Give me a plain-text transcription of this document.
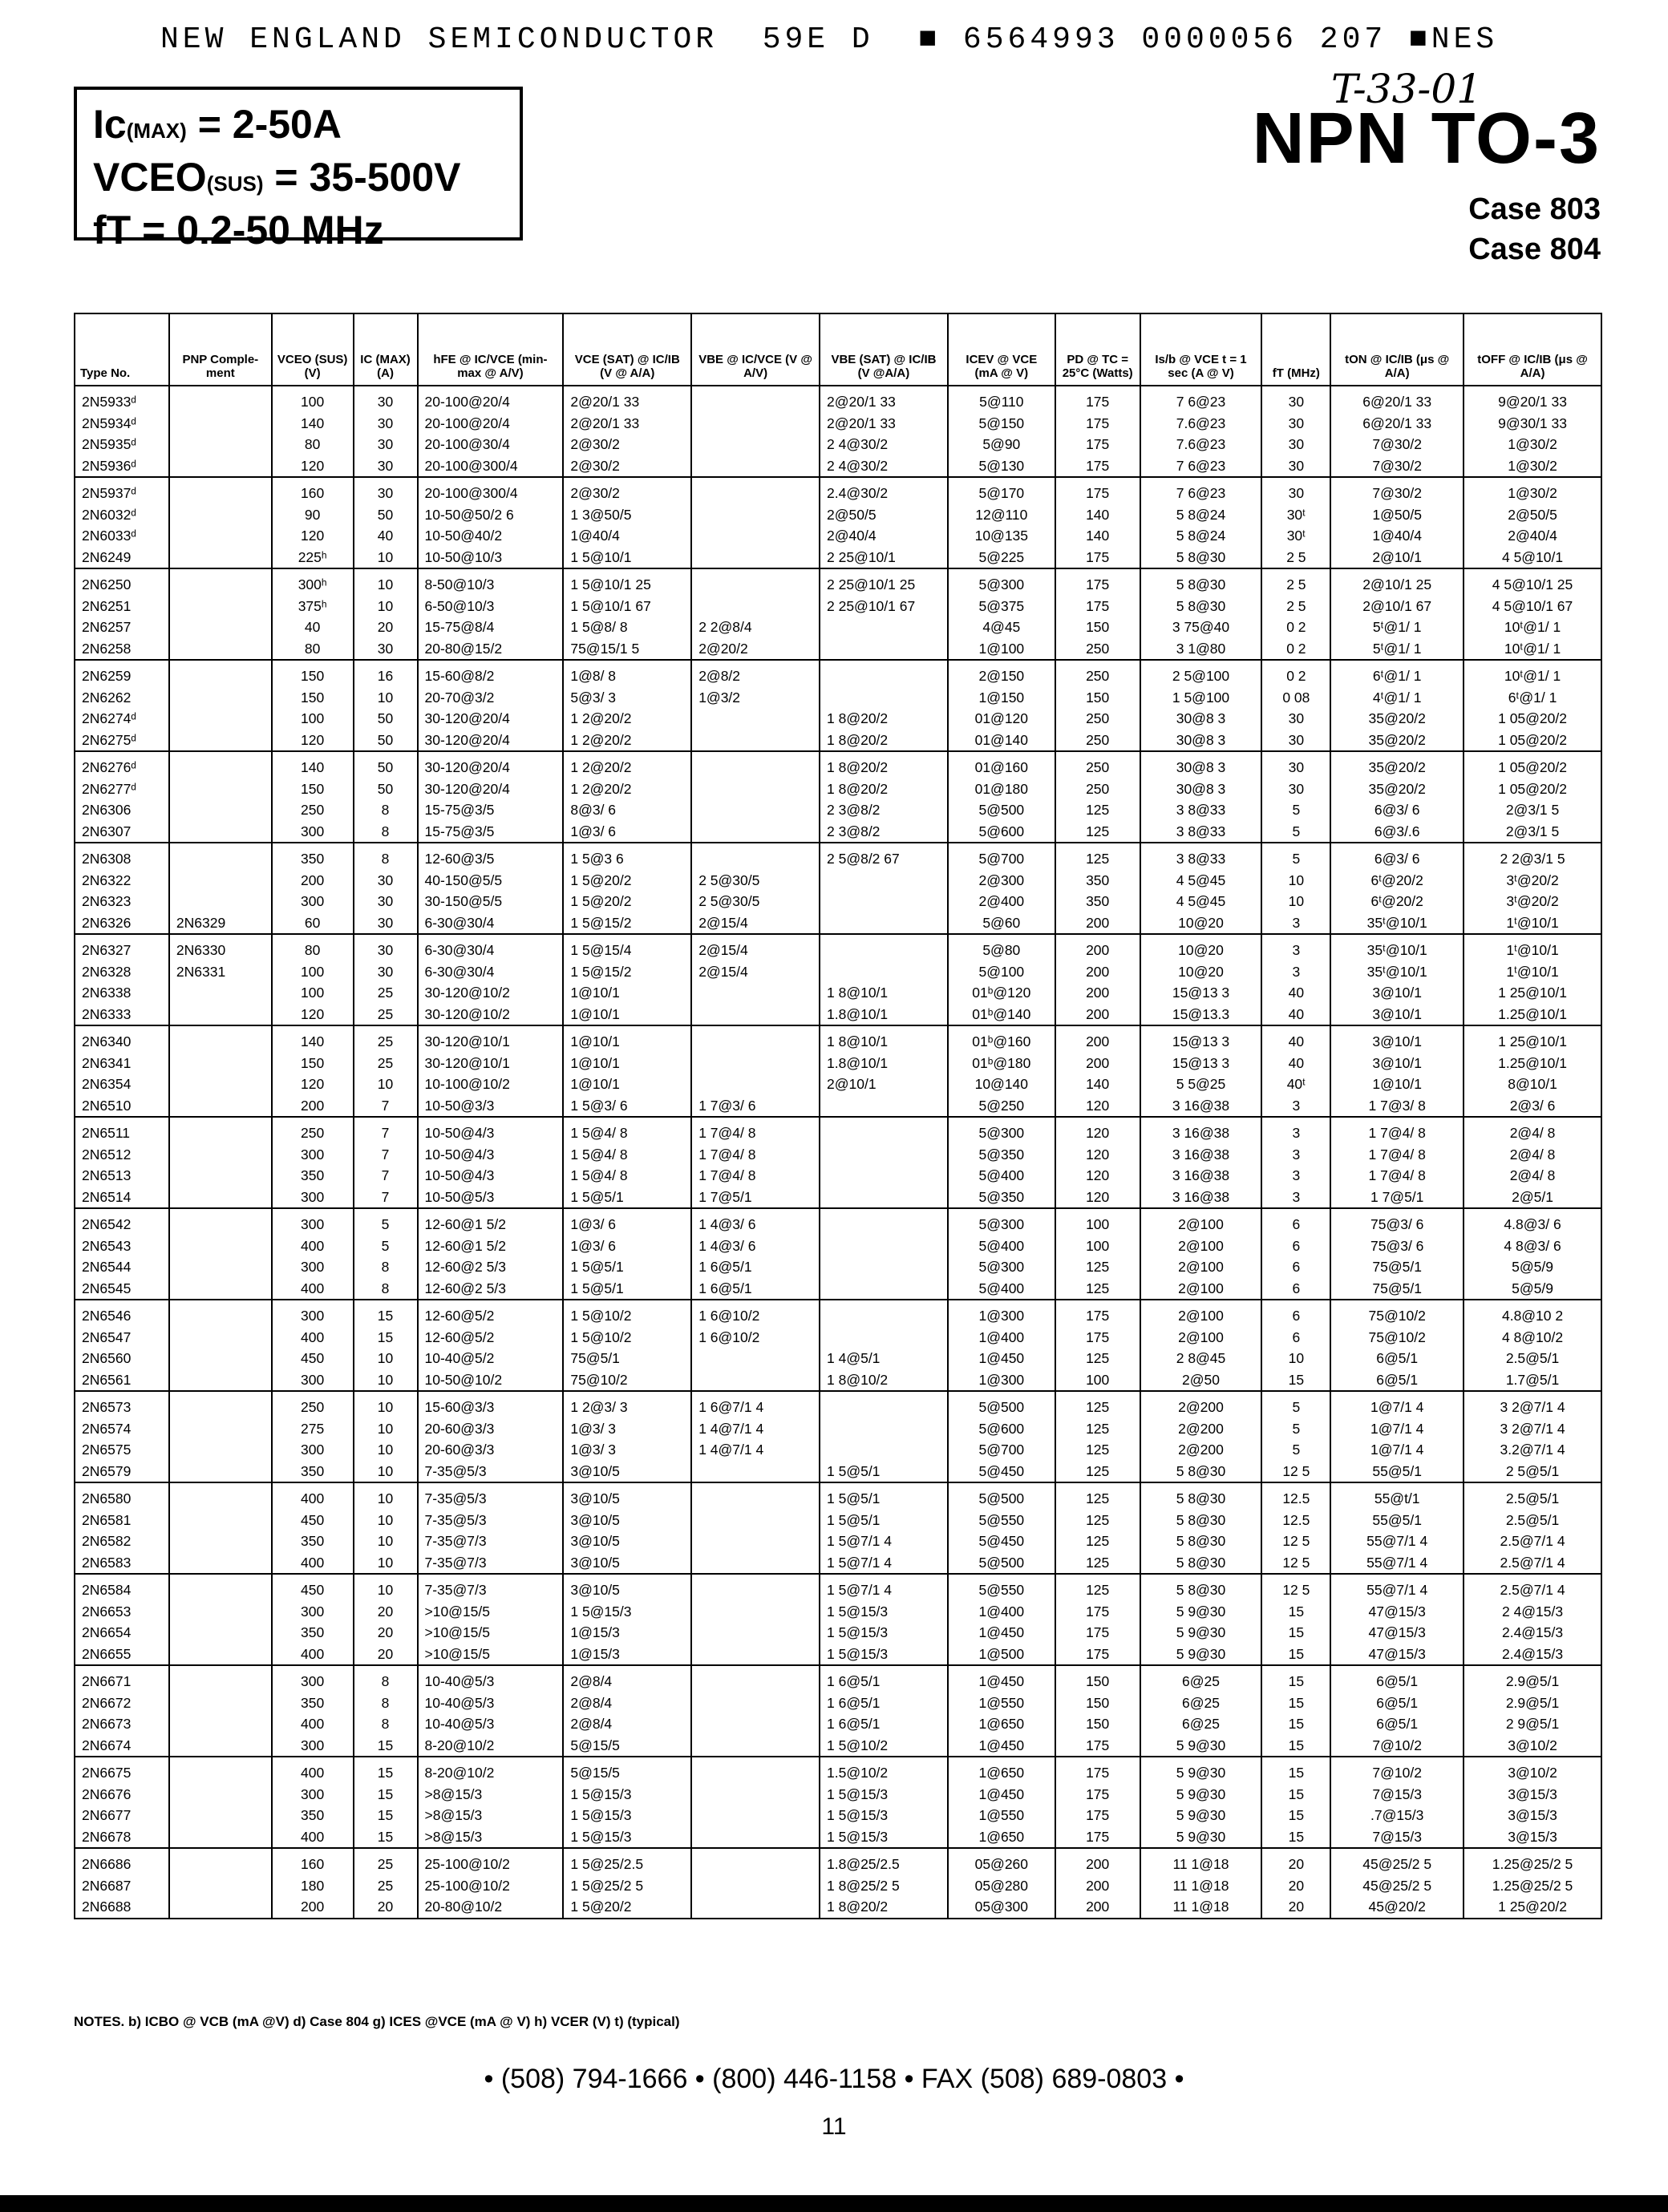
NEW ENGLAND SEMICONDUCTOR  59E D  ■ 6564993 0000056 207 ■NES
Ic(MAX) = 2-50A
VCEO(SUS) = 35-500V
fT = 0.2-50 MHz
T-33-01
NPN TO-3
Case 803
Case 804
Type No.	PNP Comple-ment	VCEO (SUS) (V)	IC (MAX) (A)	hFE @ IC/VCE (min-max @ A/V)	VCE (SAT) @ IC/IB (V @ A/A)	VBE @ IC/VCE (V @ A/V)	VBE (SAT) @ IC/IB (V @A/A)	ICEV @ VCE (mA @ V)	PD @ TC = 25°C (Watts)	Is/b @ VCE t = 1 sec (A @ V)	fT (MHz)	tON @ IC/IB (μs @ A/A)	tOFF @ IC/IB (μs @ A/A)
2N5933ᵈ		100	30	20-100@20/4	2@20/1 33		2@20/1 33	5@110	175	7 6@23	30	6@20/1 33	9@20/1 33
2N5934ᵈ		140	30	20-100@20/4	2@20/1 33		2@20/1 33	5@150	175	7.6@23	30	6@20/1 33	9@30/1 33
2N5935ᵈ		80	30	20-100@30/4	2@30/2		2 4@30/2	5@90	175	7.6@23	30	7@30/2	1@30/2
2N5936ᵈ		120	30	20-100@300/4	2@30/2		2 4@30/2	5@130	175	7 6@23	30	7@30/2	1@30/2
2N5937ᵈ		160	30	20-100@300/4	2@30/2		2.4@30/2	5@170	175	7 6@23	30	7@30/2	1@30/2
2N6032ᵈ		90	50	10-50@50/2 6	1 3@50/5		2@50/5	12@110	140	5 8@24	30ᵗ	1@50/5	2@50/5
2N6033ᵈ		120	40	10-50@40/2	1@40/4		2@40/4	10@135	140	5 8@24	30ᵗ	1@40/4	2@40/4
2N6249		225ʰ	10	10-50@10/3	1 5@10/1		2 25@10/1	5@225	175	5 8@30	2 5	2@10/1	4 5@10/1
2N6250		300ʰ	10	8-50@10/3	1 5@10/1 25		2 25@10/1 25	5@300	175	5 8@30	2 5	2@10/1 25	4 5@10/1 25
2N6251		375ʰ	10	6-50@10/3	1 5@10/1 67		2 25@10/1 67	5@375	175	5 8@30	2 5	2@10/1 67	4 5@10/1 67
2N6257		40	20	15-75@8/4	1 5@8/ 8	2 2@8/4		4@45	150	3 75@40	0 2	5ᵗ@1/ 1	10ᵗ@1/ 1
2N6258		80	30	20-80@15/2	75@15/1 5	2@20/2		1@100	250	3 1@80	0 2	5ᵗ@1/ 1	10ᵗ@1/ 1
2N6259		150	16	15-60@8/2	1@8/ 8	2@8/2		2@150	250	2 5@100	0 2	6ᵗ@1/ 1	10ᵗ@1/ 1
2N6262		150	10	20-70@3/2	5@3/ 3	1@3/2		1@150	150	1 5@100	0 08	4ᵗ@1/ 1	6ᵗ@1/ 1
2N6274ᵈ		100	50	30-120@20/4	1 2@20/2		1 8@20/2	01@120	250	30@8 3	30	35@20/2	1 05@20/2
2N6275ᵈ		120	50	30-120@20/4	1 2@20/2		1 8@20/2	01@140	250	30@8 3	30	35@20/2	1 05@20/2
2N6276ᵈ		140	50	30-120@20/4	1 2@20/2		1 8@20/2	01@160	250	30@8 3	30	35@20/2	1 05@20/2
2N6277ᵈ		150	50	30-120@20/4	1 2@20/2		1 8@20/2	01@180	250	30@8 3	30	35@20/2	1 05@20/2
2N6306		250	8	15-75@3/5	8@3/ 6		2 3@8/2	5@500	125	3 8@33	5	6@3/ 6	2@3/1 5
2N6307		300	8	15-75@3/5	1@3/ 6		2 3@8/2	5@600	125	3 8@33	5	6@3/.6	2@3/1 5
2N6308		350	8	12-60@3/5	1 5@3 6		2 5@8/2 67	5@700	125	3 8@33	5	6@3/ 6	2 2@3/1 5
2N6322		200	30	40-150@5/5	1 5@20/2	2 5@30/5		2@300	350	4 5@45	10	6ᵗ@20/2	3ᵗ@20/2
2N6323		300	30	30-150@5/5	1 5@20/2	2 5@30/5		2@400	350	4 5@45	10	6ᵗ@20/2	3ᵗ@20/2
2N6326	2N6329	60	30	6-30@30/4	1 5@15/2	2@15/4		5@60	200	10@20	3	35ᵗ@10/1	1ᵗ@10/1
2N6327	2N6330	80	30	6-30@30/4	1 5@15/4	2@15/4		5@80	200	10@20	3	35ᵗ@10/1	1ᵗ@10/1
2N6328	2N6331	100	30	6-30@30/4	1 5@15/2	2@15/4		5@100	200	10@20	3	35ᵗ@10/1	1ᵗ@10/1
2N6338		100	25	30-120@10/2	1@10/1		1 8@10/1	01ᵇ@120	200	15@13 3	40	3@10/1	1 25@10/1
2N6333		120	25	30-120@10/2	1@10/1		1.8@10/1	01ᵇ@140	200	15@13.3	40	3@10/1	1.25@10/1
2N6340		140	25	30-120@10/1	1@10/1		1 8@10/1	01ᵇ@160	200	15@13 3	40	3@10/1	1 25@10/1
2N6341		150	25	30-120@10/1	1@10/1		1.8@10/1	01ᵇ@180	200	15@13 3	40	3@10/1	1.25@10/1
2N6354		120	10	10-100@10/2	1@10/1		2@10/1	10@140	140	5 5@25	40ᵗ	1@10/1	8@10/1
2N6510		200	7	10-50@3/3	1 5@3/ 6	1 7@3/ 6		5@250	120	3 16@38	3	1 7@3/ 8	2@3/ 6
2N6511		250	7	10-50@4/3	1 5@4/ 8	1 7@4/ 8		5@300	120	3 16@38	3	1 7@4/ 8	2@4/ 8
2N6512		300	7	10-50@4/3	1 5@4/ 8	1 7@4/ 8		5@350	120	3 16@38	3	1 7@4/ 8	2@4/ 8
2N6513		350	7	10-50@4/3	1 5@4/ 8	1 7@4/ 8		5@400	120	3 16@38	3	1 7@4/ 8	2@4/ 8
2N6514		300	7	10-50@5/3	1 5@5/1	1 7@5/1		5@350	120	3 16@38	3	1 7@5/1	2@5/1
2N6542		300	5	12-60@1 5/2	1@3/ 6	1 4@3/ 6		5@300	100	2@100	6	75@3/ 6	4.8@3/ 6
2N6543		400	5	12-60@1 5/2	1@3/ 6	1 4@3/ 6		5@400	100	2@100	6	75@3/ 6	4 8@3/ 6
2N6544		300	8	12-60@2 5/3	1 5@5/1	1 6@5/1		5@300	125	2@100	6	75@5/1	5@5/9
2N6545		400	8	12-60@2 5/3	1 5@5/1	1 6@5/1		5@400	125	2@100	6	75@5/1	5@5/9
2N6546		300	15	12-60@5/2	1 5@10/2	1 6@10/2		1@300	175	2@100	6	75@10/2	4.8@10 2
2N6547		400	15	12-60@5/2	1 5@10/2	1 6@10/2		1@400	175	2@100	6	75@10/2	4 8@10/2
2N6560		450	10	10-40@5/2	75@5/1		1 4@5/1	1@450	125	2 8@45	10	6@5/1	2.5@5/1
2N6561		300	10	10-50@10/2	75@10/2		1 8@10/2	1@300	100	2@50	15	6@5/1	1.7@5/1
2N6573		250	10	15-60@3/3	1 2@3/ 3	1 6@7/1 4		5@500	125	2@200	5	1@7/1 4	3 2@7/1 4
2N6574		275	10	20-60@3/3	1@3/ 3	1 4@7/1 4		5@600	125	2@200	5	1@7/1 4	3 2@7/1 4
2N6575		300	10	20-60@3/3	1@3/ 3	1 4@7/1 4		5@700	125	2@200	5	1@7/1 4	3.2@7/1 4
2N6579		350	10	7-35@5/3	3@10/5		1 5@5/1	5@450	125	5 8@30	12 5	55@5/1	2 5@5/1
2N6580		400	10	7-35@5/3	3@10/5		1 5@5/1	5@500	125	5 8@30	12.5	55@t/1	2.5@5/1
2N6581		450	10	7-35@5/3	3@10/5		1 5@5/1	5@550	125	5 8@30	12.5	55@5/1	2.5@5/1
2N6582		350	10	7-35@7/3	3@10/5		1 5@7/1 4	5@450	125	5 8@30	12 5	55@7/1 4	2.5@7/1 4
2N6583		400	10	7-35@7/3	3@10/5		1 5@7/1 4	5@500	125	5 8@30	12 5	55@7/1 4	2.5@7/1 4
2N6584		450	10	7-35@7/3	3@10/5		1 5@7/1 4	5@550	125	5 8@30	12 5	55@7/1 4	2.5@7/1 4
2N6653		300	20	>10@15/5	1 5@15/3		1 5@15/3	1@400	175	5 9@30	15	47@15/3	2 4@15/3
2N6654		350	20	>10@15/5	1@15/3		1 5@15/3	1@450	175	5 9@30	15	47@15/3	2.4@15/3
2N6655		400	20	>10@15/5	1@15/3		1 5@15/3	1@500	175	5 9@30	15	47@15/3	2.4@15/3
2N6671		300	8	10-40@5/3	2@8/4		1 6@5/1	1@450	150	6@25	15	6@5/1	2.9@5/1
2N6672		350	8	10-40@5/3	2@8/4		1 6@5/1	1@550	150	6@25	15	6@5/1	2.9@5/1
2N6673		400	8	10-40@5/3	2@8/4		1 6@5/1	1@650	150	6@25	15	6@5/1	2 9@5/1
2N6674		300	15	8-20@10/2	5@15/5		1 5@10/2	1@450	175	5 9@30	15	7@10/2	3@10/2
2N6675		400	15	8-20@10/2	5@15/5		1.5@10/2	1@650	175	5 9@30	15	7@10/2	3@10/2
2N6676		300	15	>8@15/3	1 5@15/3		1 5@15/3	1@450	175	5 9@30	15	7@15/3	3@15/3
2N6677		350	15	>8@15/3	1 5@15/3		1 5@15/3	1@550	175	5 9@30	15	.7@15/3	3@15/3
2N6678		400	15	>8@15/3	1 5@15/3		1 5@15/3	1@650	175	5 9@30	15	7@15/3	3@15/3
2N6686		160	25	25-100@10/2	1 5@25/2.5		1.8@25/2.5	05@260	200	11 1@18	20	45@25/2 5	1.25@25/2 5
2N6687		180	25	25-100@10/2	1 5@25/2 5		1 8@25/2 5	05@280	200	11 1@18	20	45@25/2 5	1.25@25/2 5
2N6688		200	20	20-80@10/2	1 5@20/2		1 8@20/2	05@300	200	11 1@18	20	45@20/2	1 25@20/2
NOTES. b) ICBO @ VCB (mA @V) d) Case 804 g) ICES @VCE (mA @ V) h) VCER (V) t) (typical)
• (508) 794-1666 • (800) 446-1158 • FAX (508) 689-0803 •
11
